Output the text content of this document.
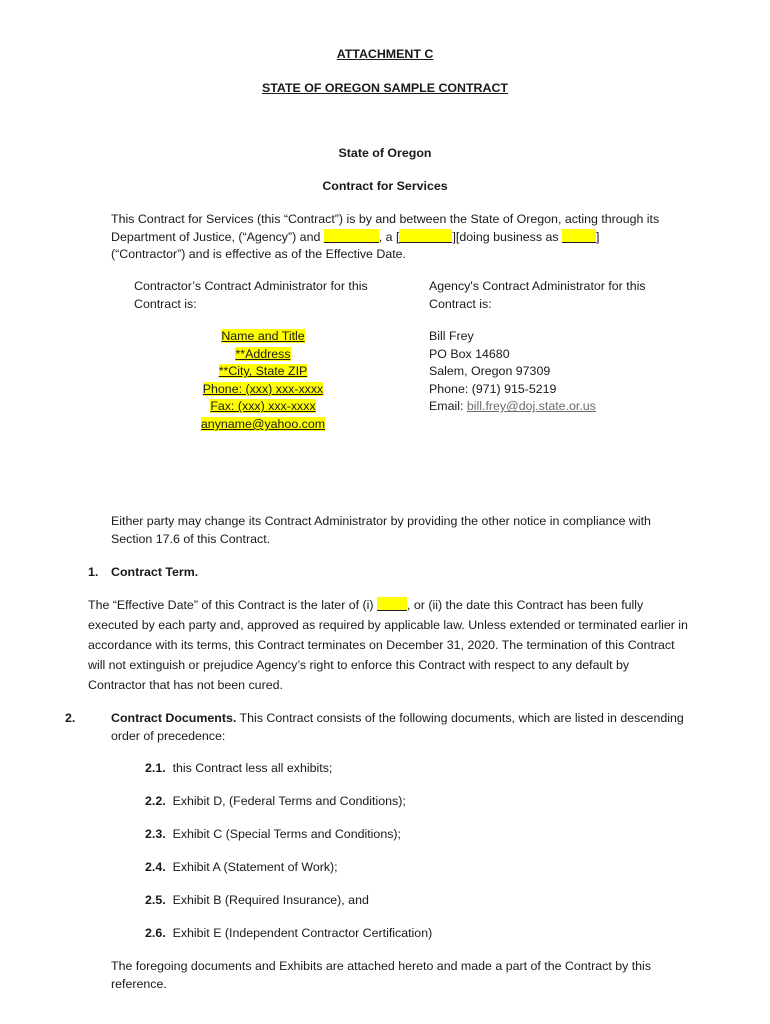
ATTACHMENT C
STATE OF OREGON SAMPLE CONTRACT
State of Oregon
Contract for Services
This Contract for Services (this “Contract”) is by and between the State of Oregon, acting through its
Department of Justice, (“Agency”) and	, a [	][doing business as	]
(“Contractor”) and is effective as of the Effective Date.
Contractor’s Contract Administrator for this Contract is:
Agency's Contract Administrator for this Contract is:
Name and Title
**Address
**City, State ZIP
Phone: (xxx) xxx-xxxx
Fax: (xxx) xxx-xxxx
anyname@yahoo.com
Bill Frey
PO Box 14680
Salem, Oregon 97309
Phone: (971) 915-5219
Email: bill.frey@doj.state.or.us
Either party may change its Contract Administrator by providing the other notice in compliance with Section 17.6 of this Contract.
1. Contract Term.
The “Effective Date” of this Contract is the later of (i) , or (ii) the date this Contract has been fully executed by each party and, approved as required by applicable law. Unless extended or terminated earlier in accordance with its terms, this Contract terminates on December 31, 2020. The termination of this Contract will not extinguish or prejudice Agency’s right to enforce this Contract with respect to any default by Contractor that has not been cured.
2.	Contract Documents. This Contract consists of the following documents, which are listed in descending order of precedence:
2.1. this Contract less all exhibits;
2.2. Exhibit D, (Federal Terms and Conditions);
2.3. Exhibit C (Special Terms and Conditions);
2.4. Exhibit A (Statement of Work);
2.5. Exhibit B (Required Insurance), and
2.6. Exhibit E (Independent Contractor Certification)
The foregoing documents and Exhibits are attached hereto and made a part of the Contract by this reference.
